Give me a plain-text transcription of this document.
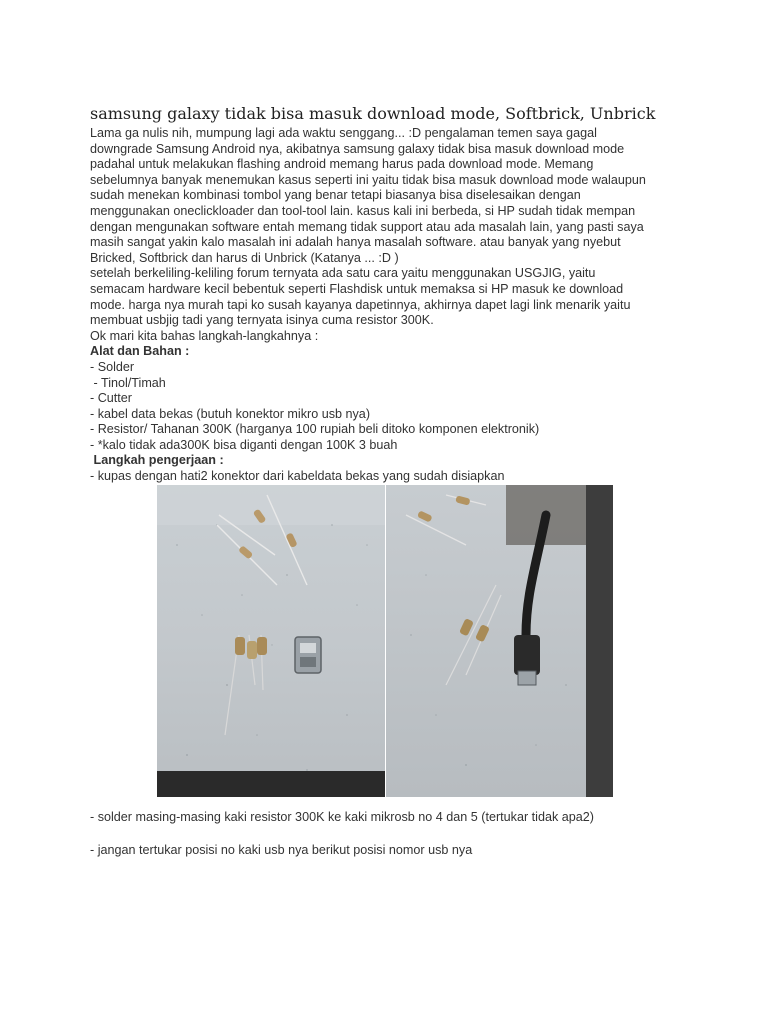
samsung galaxy tidak bisa masuk download mode, Softbrick, Unbrick
Lama ga nulis nih, mumpung lagi ada waktu senggang... :D pengalaman temen saya gagal
downgrade Samsung Android nya, akibatnya samsung galaxy tidak bisa masuk download mode
padahal untuk melakukan flashing android memang harus pada download mode. Memang
sebelumnya banyak menemukan kasus seperti ini yaitu tidak bisa masuk download mode walaupun
sudah menekan kombinasi tombol yang benar tetapi biasanya bisa diselesaikan dengan
menggunakan oneclickloader dan tool-tool lain. kasus kali ini berbeda, si HP sudah tidak mempan
dengan mengunakan software entah memang tidak support atau ada masalah lain, yang pasti saya
masih sangat yakin kalo masalah ini adalah hanya masalah software. atau banyak yang nyebut
Bricked, Softbrick dan harus di Unbrick (Katanya ... :D )
setelah berkeliling-keliling forum ternyata ada satu cara yaitu menggunakan USGJIG, yaitu
semacam hardware kecil bebentuk seperti Flashdisk untuk memaksa si HP masuk ke download
mode. harga nya murah tapi ko susah kayanya dapetinnya, akhirnya dapet lagi link menarik yaitu
membuat usbjig tadi yang ternyata isinya cuma resistor 300K.
Ok mari kita bahas langkah-langkahnya :
Alat dan Bahan :
- Solder
- Tinol/Timah
- Cutter
- kabel data bekas (butuh konektor mikro usb nya)
- Resistor/ Tahanan 300K (harganya 100 rupiah beli ditoko komponen elektronik)
- *kalo tidak ada300K bisa diganti dengan 100K 3 buah
Langkah pengerjaan :
- kupas dengan hati2 konektor dari kabeldata bekas yang sudah disiapkan
- solder masing-masing kaki resistor 300K ke kaki mikrosb no 4 dan 5 (tertukar tidak apa2)
- jangan tertukar posisi no kaki usb nya berikut posisi nomor usb nya
